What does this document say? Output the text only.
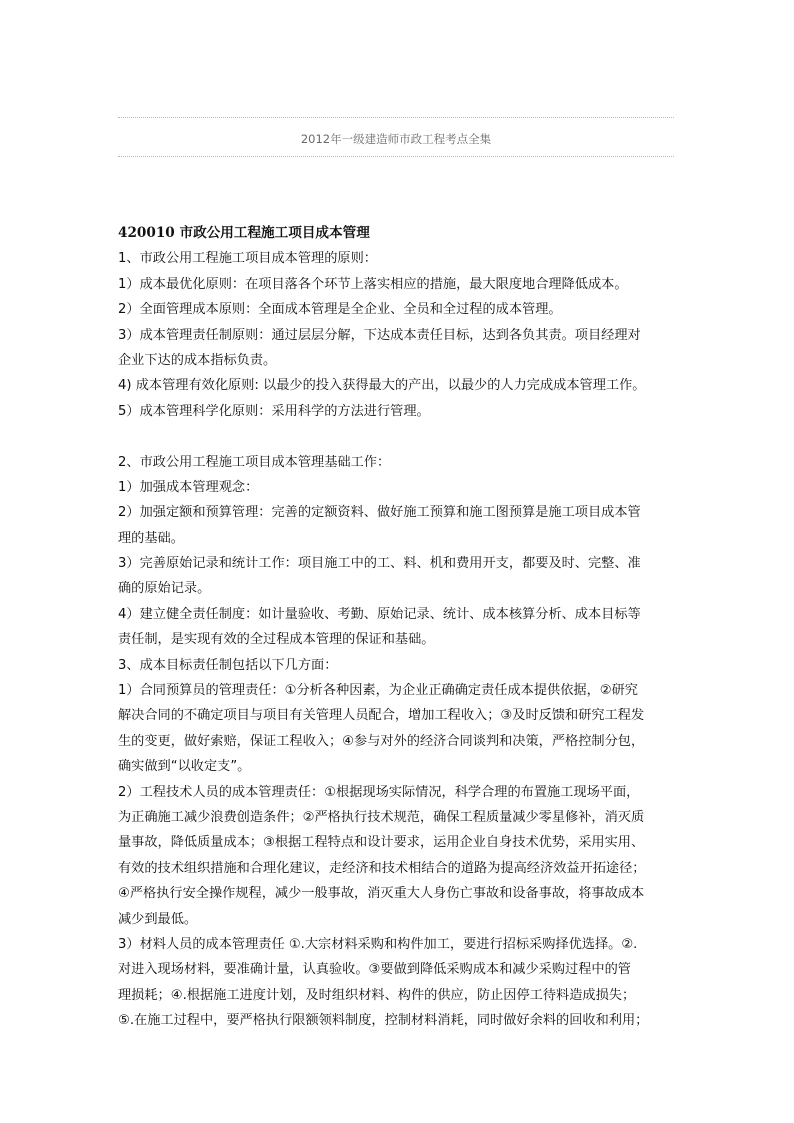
2012年一级建造师市政工程考点全集
420010 市政公用工程施工项目成本管理
1、市政公用工程施工项目成本管理的原则：
1）成本最优化原则：在项目落各个环节上落实相应的措施，最大限度地合理降低成本。
2）全面管理成本原则：全面成本管理是全企业、全员和全过程的成本管理。
3）成本管理责任制原则：通过层层分解，下达成本责任目标，达到各负其责。项目经理对
企业下达的成本指标负责。
4) 成本管理有效化原则: 以最少的投入获得最大的产出，以最少的人力完成成本管理工作。
5）成本管理科学化原则：采用科学的方法进行管理。
2、市政公用工程施工项目成本管理基础工作：
1）加强成本管理观念：
2）加强定额和预算管理：完善的定额资料、做好施工预算和施工图预算是施工项目成本管
理的基础。
3）完善原始记录和统计工作：项目施工中的工、料、机和费用开支，都要及时、完整、准
确的原始记录。
4）建立健全责任制度：如计量验收、考勤、原始记录、统计、成本核算分析、成本目标等
责任制，是实现有效的全过程成本管理的保证和基础。
3、成本目标责任制包括以下几方面：
1）合同预算员的管理责任：①分析各种因素，为企业正确确定责任成本提供依据，②研究
解决合同的不确定项目与项目有关管理人员配合，增加工程收入；③及时反馈和研究工程发
生的变更，做好索赔，保证工程收入；④参与对外的经济合同谈判和决策，严格控制分包，
确实做到“以收定支”。
2）工程技术人员的成本管理责任：①根据现场实际情况，科学合理的布置施工现场平面，
为正确施工减少浪费创造条件；②严格执行技术规范，确保工程质量减少零星修补，消灭质
量事故，降低质量成本；③根据工程特点和设计要求，运用企业自身技术优势，采用实用、
有效的技术组织措施和合理化建议，走经济和技术相结合的道路为提高经济效益开拓途径；
④严格执行安全操作规程，减少一般事故，消灭重大人身伤亡事故和设备事故，将事故成本
减少到最低。
3）材料人员的成本管理责任 ①.大宗材料采购和构件加工，要进行招标采购择优选择。②.
对进入现场材料，要准确计量，认真验收。③要做到降低采购成本和减少采购过程中的管
理损耗；④.根据施工进度计划，及时组织材料、构件的供应，防止因停工待料造成损失；
⑤.在施工过程中，要严格执行限额领料制度，控制材料消耗，同时做好余料的回收和利用；
